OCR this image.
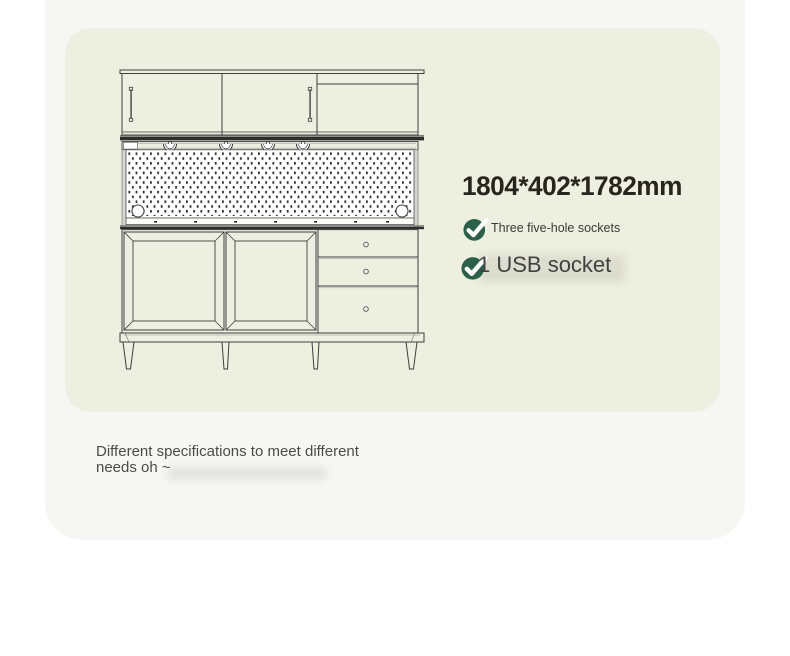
1804*402*1782mm
Three five-hole sockets
1 USB socket
Different specifications to meet different
needs oh ~
